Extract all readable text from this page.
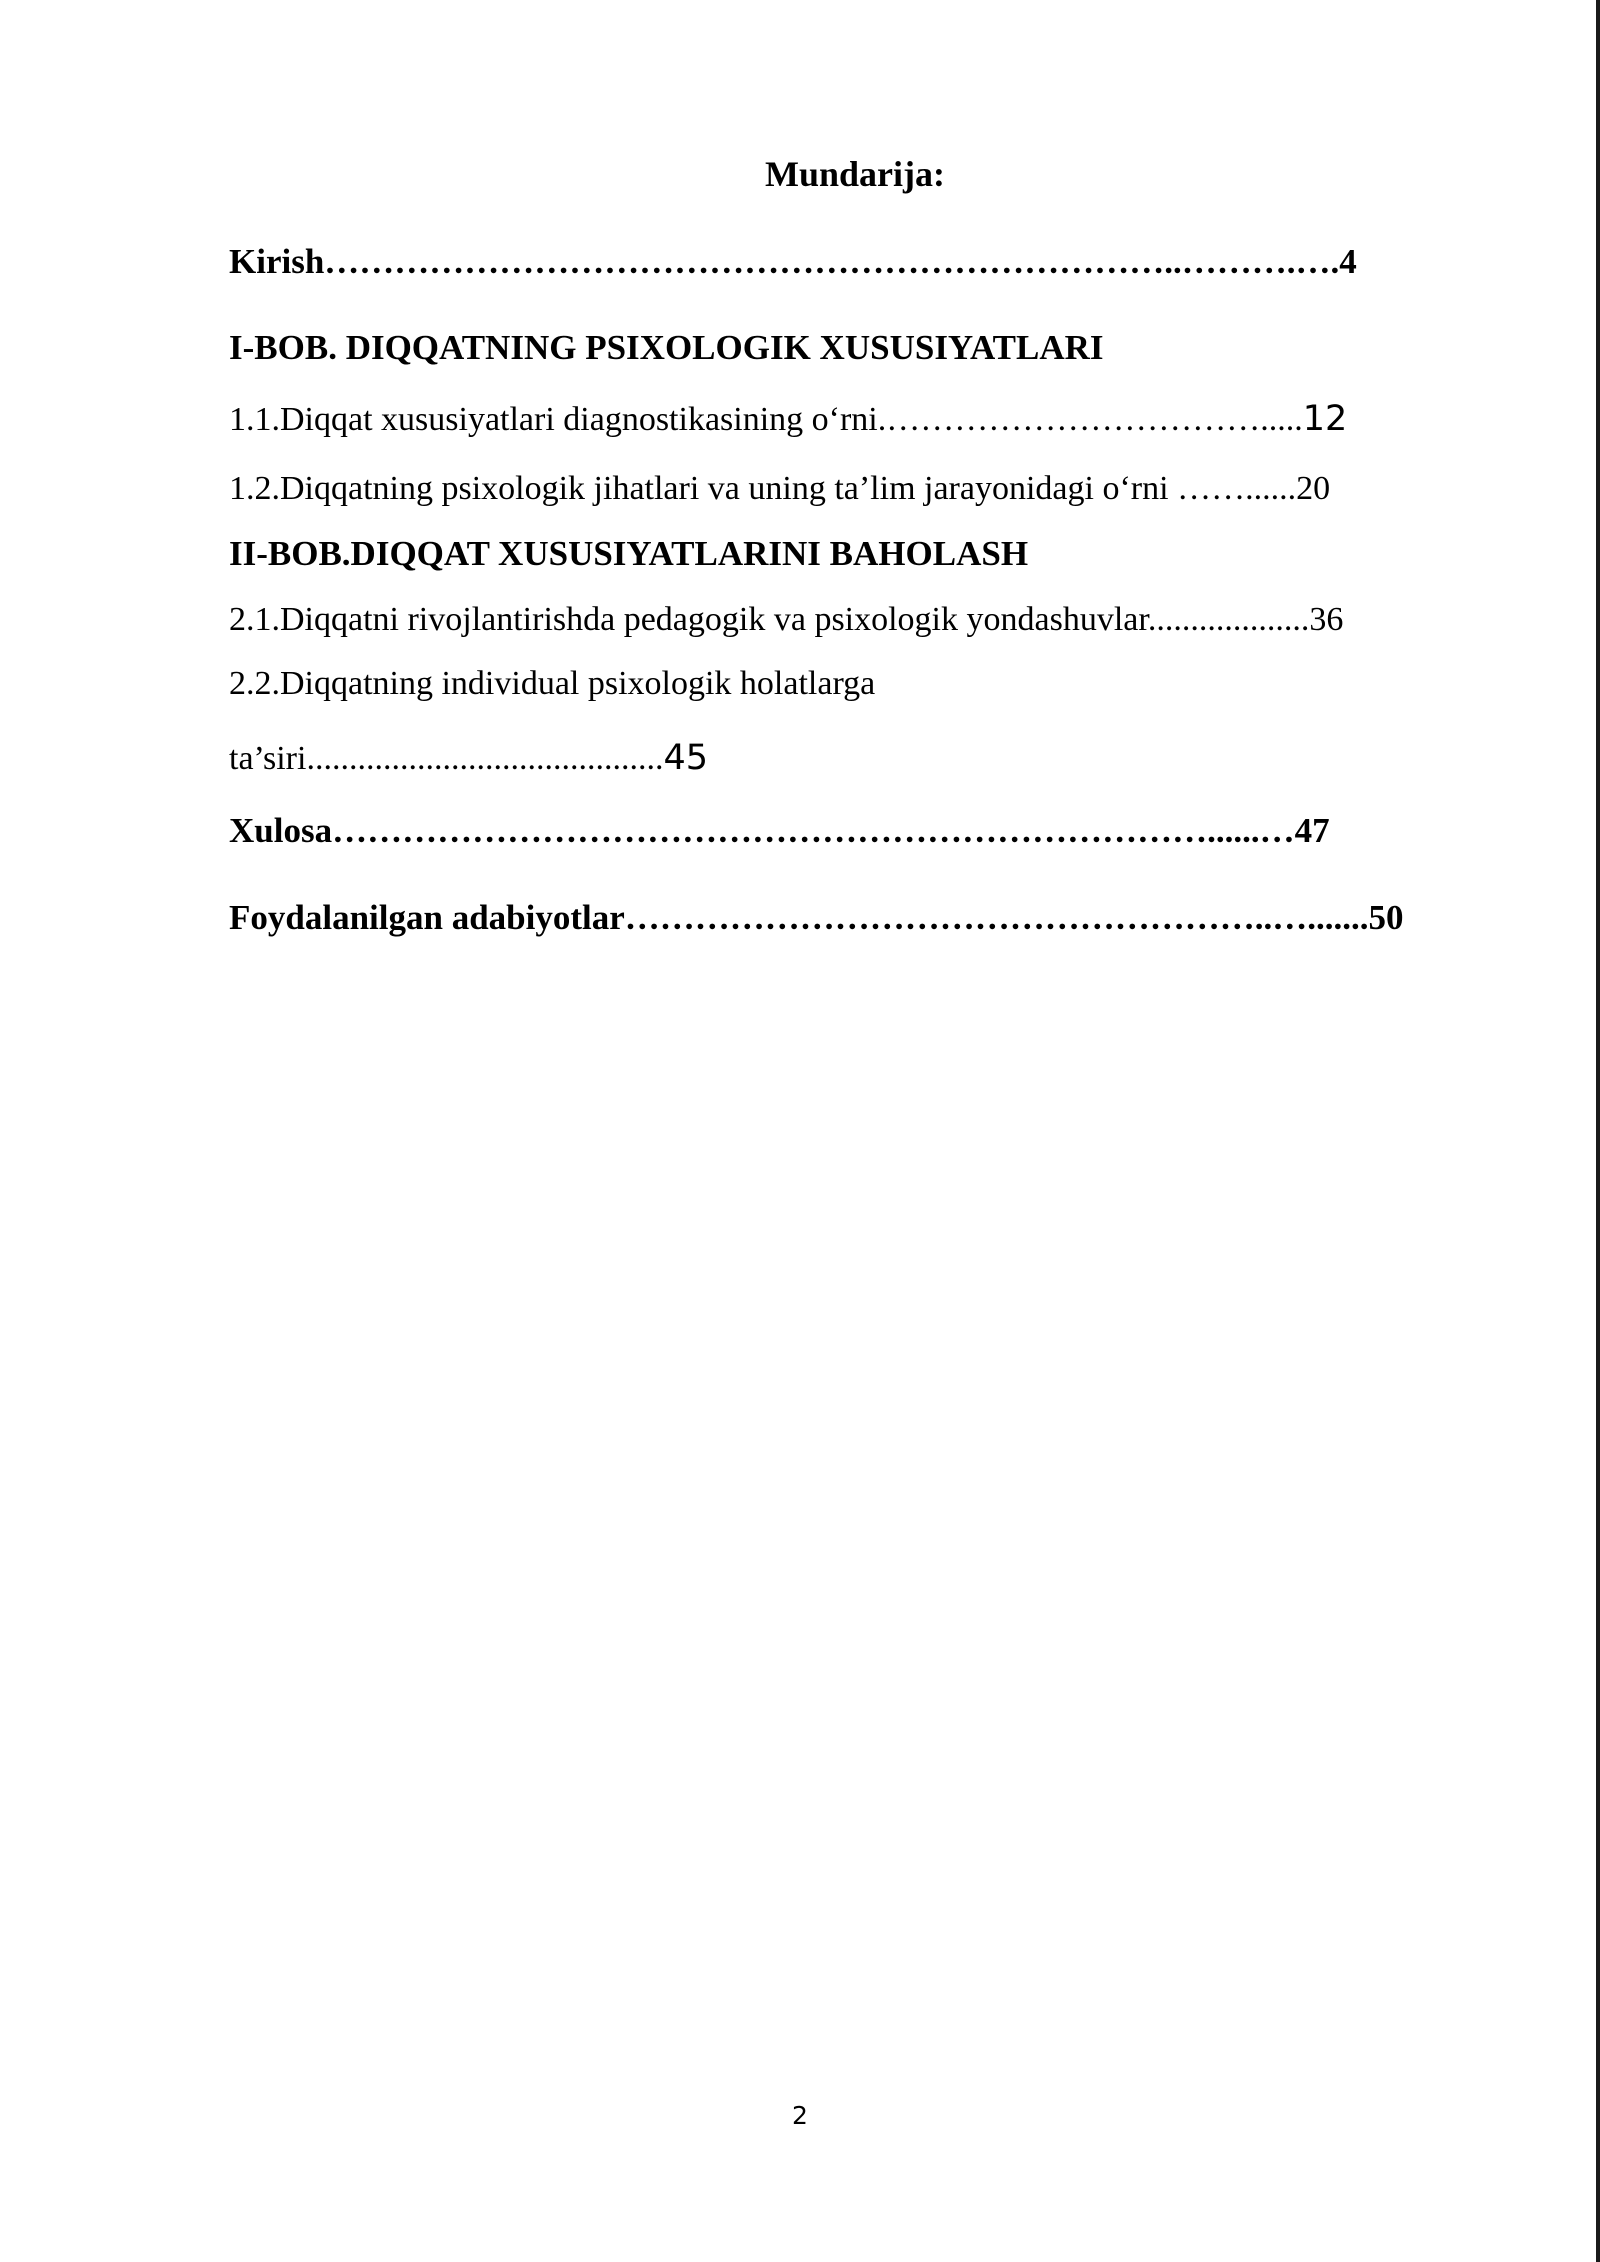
Mundarija:
Kirish………………………………………………………………..……….….4
I-BOB. DIQQATNING PSIXOLOGIK XUSUSIYATLARI
1.1.Diqqat xususiyatlari diagnostikasining o‘rni.…………………………….....12
1.2.Diqqatning psixologik jihatlari va uning ta’lim jarayonidagi o‘rni ……......20
II-BOB.DIQQAT XUSUSIYATLARINI BAHOLASH
2.1.Diqqatni rivojlantirishda pedagogik va psixologik yondashuvlar...................36
2.2.Diqqatning individual psixologik holatlarga
ta’siri..........................................45
Xulosa…………………………………………………………………......…47
Foydalanilgan adabiyotlar………………………………………………..….......50
2
